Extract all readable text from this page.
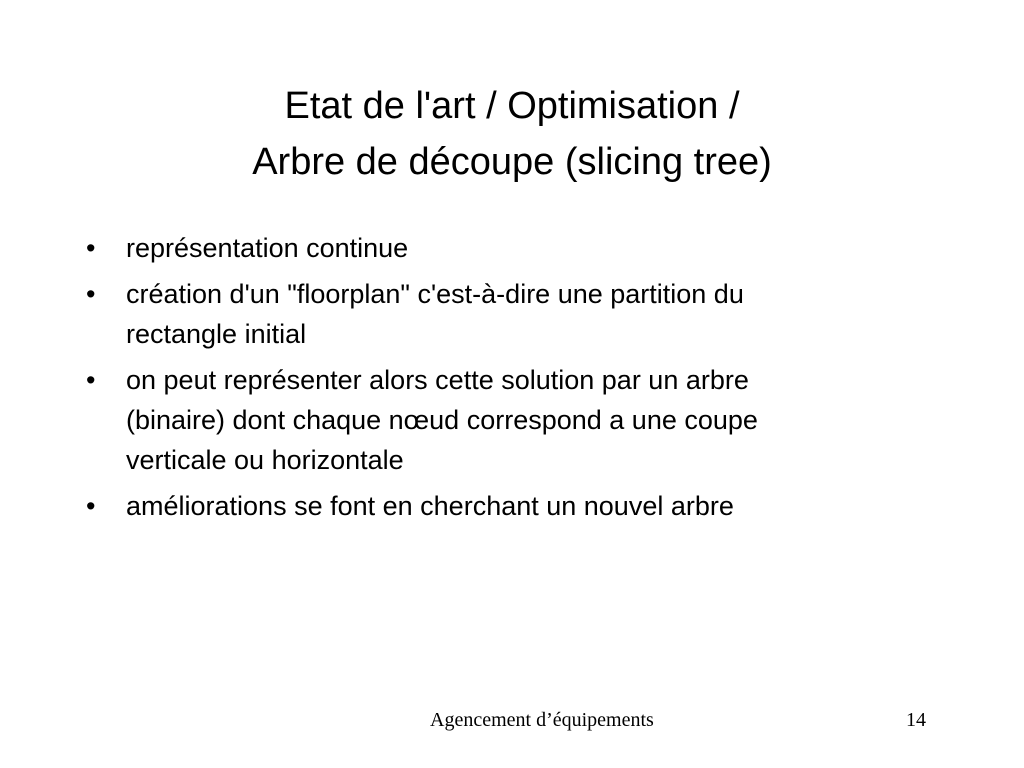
Etat de l'art / Optimisation /
Arbre de découpe (slicing tree)
•	représentation continue
•	création d'un "floorplan" c'est-à-dire une partition du
rectangle initial
•	on peut représenter alors cette solution par un arbre
(binaire) dont chaque nœud correspond a une coupe
verticale ou horizontale
•	améliorations se font en cherchant un nouvel arbre
Agencement d’équipements	14
